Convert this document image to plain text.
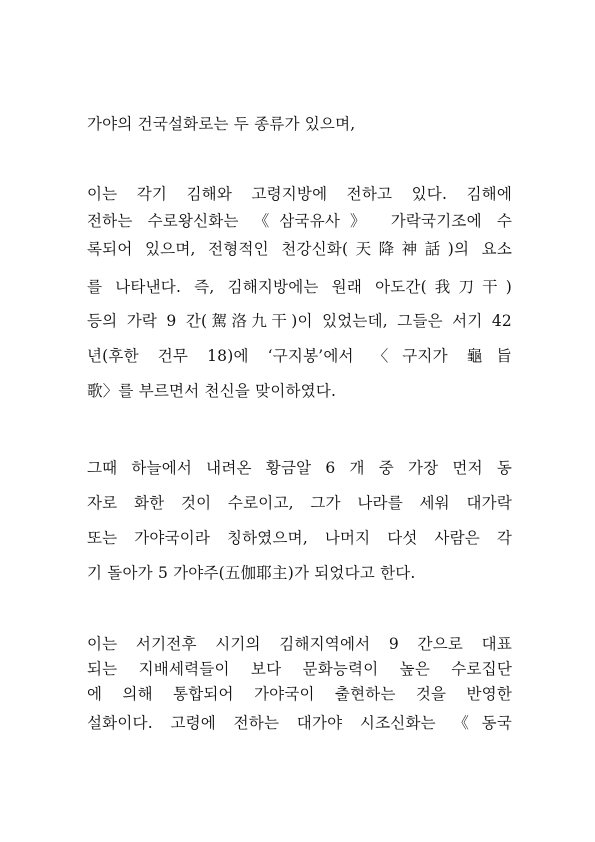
가야의 건국설화로는 두 종류가 있으며,
이는 각기 김해와 고령지방에 전하고 있다. 김해에
전하는 수로왕신화는 《삼국유사》 가락국기조에 수
록되어 있으며, 전형적인 천강신화(天降神話)의 요소
를 나타낸다. 즉, 김해지방에는 원래 아도간(我刀干)
등의 가락 9 간(駕洛九干)이 있었는데, 그들은 서기 42
년(후한 건무 18)에 ‘구지봉’에서 〈구지가 龜旨
歌〉를 부르면서 천신을 맞이하였다.
그때 하늘에서 내려온 황금알 6 개 중 가장 먼저 동
자로 화한 것이 수로이고, 그가 나라를 세워 대가락
또는 가야국이라 칭하였으며, 나머지 다섯 사람은 각
기 돌아가 5 가야주(五伽耶主)가 되었다고 한다.
이는 서기전후 시기의 김해지역에서 9 간으로 대표
되는 지배세력들이 보다 문화능력이 높은 수로집단
에 의해 통합되어 가야국이 출현하는 것을 반영한
설화이다. 고령에 전하는 대가야 시조신화는 《동국
